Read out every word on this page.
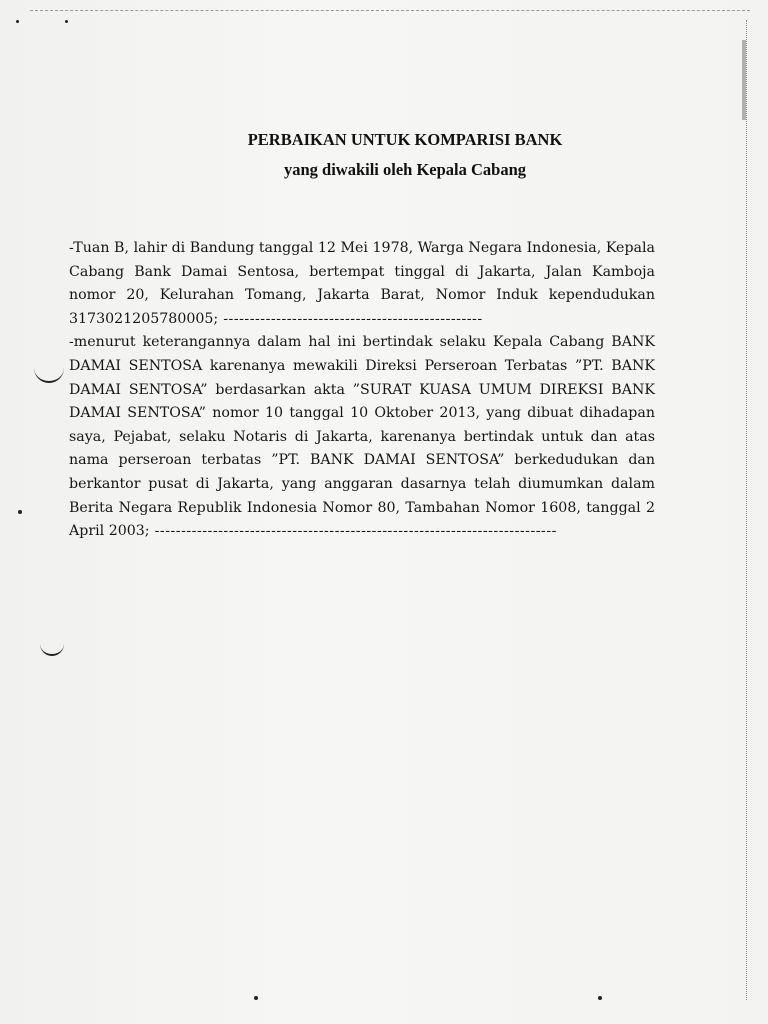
PERBAIKAN UNTUK KOMPARISI BANK
yang diwakili oleh Kepala Cabang

-Tuan B, lahir di Bandung tanggal 12 Mei 1978, Warga Negara Indonesia, Kepala Cabang Bank Damai Sentosa, bertempat tinggal di Jakarta, Jalan Kamboja nomor 20, Kelurahan Tomang, Jakarta Barat, Nomor Induk kependudukan 3173021205780005; -------------------------------------------------

-menurut keterangannya dalam hal ini bertindak selaku Kepala Cabang BANK DAMAI SENTOSA karenanya mewakili Direksi Perseroan Terbatas ”PT. BANK DAMAI SENTOSA” berdasarkan akta ”SURAT KUASA UMUM DIREKSI BANK DAMAI SENTOSA” nomor 10 tanggal 10 Oktober 2013, yang dibuat dihadapan saya, Pejabat, selaku Notaris di Jakarta, karenanya bertindak untuk dan atas nama perseroan terbatas ”PT. BANK DAMAI SENTOSA” berkedudukan dan berkantor pusat di Jakarta, yang anggaran dasarnya telah diumumkan dalam Berita Negara Republik Indonesia Nomor 80, Tambahan Nomor 1608, tanggal 2 April 2003; ----------------------------------------------------------------------------
